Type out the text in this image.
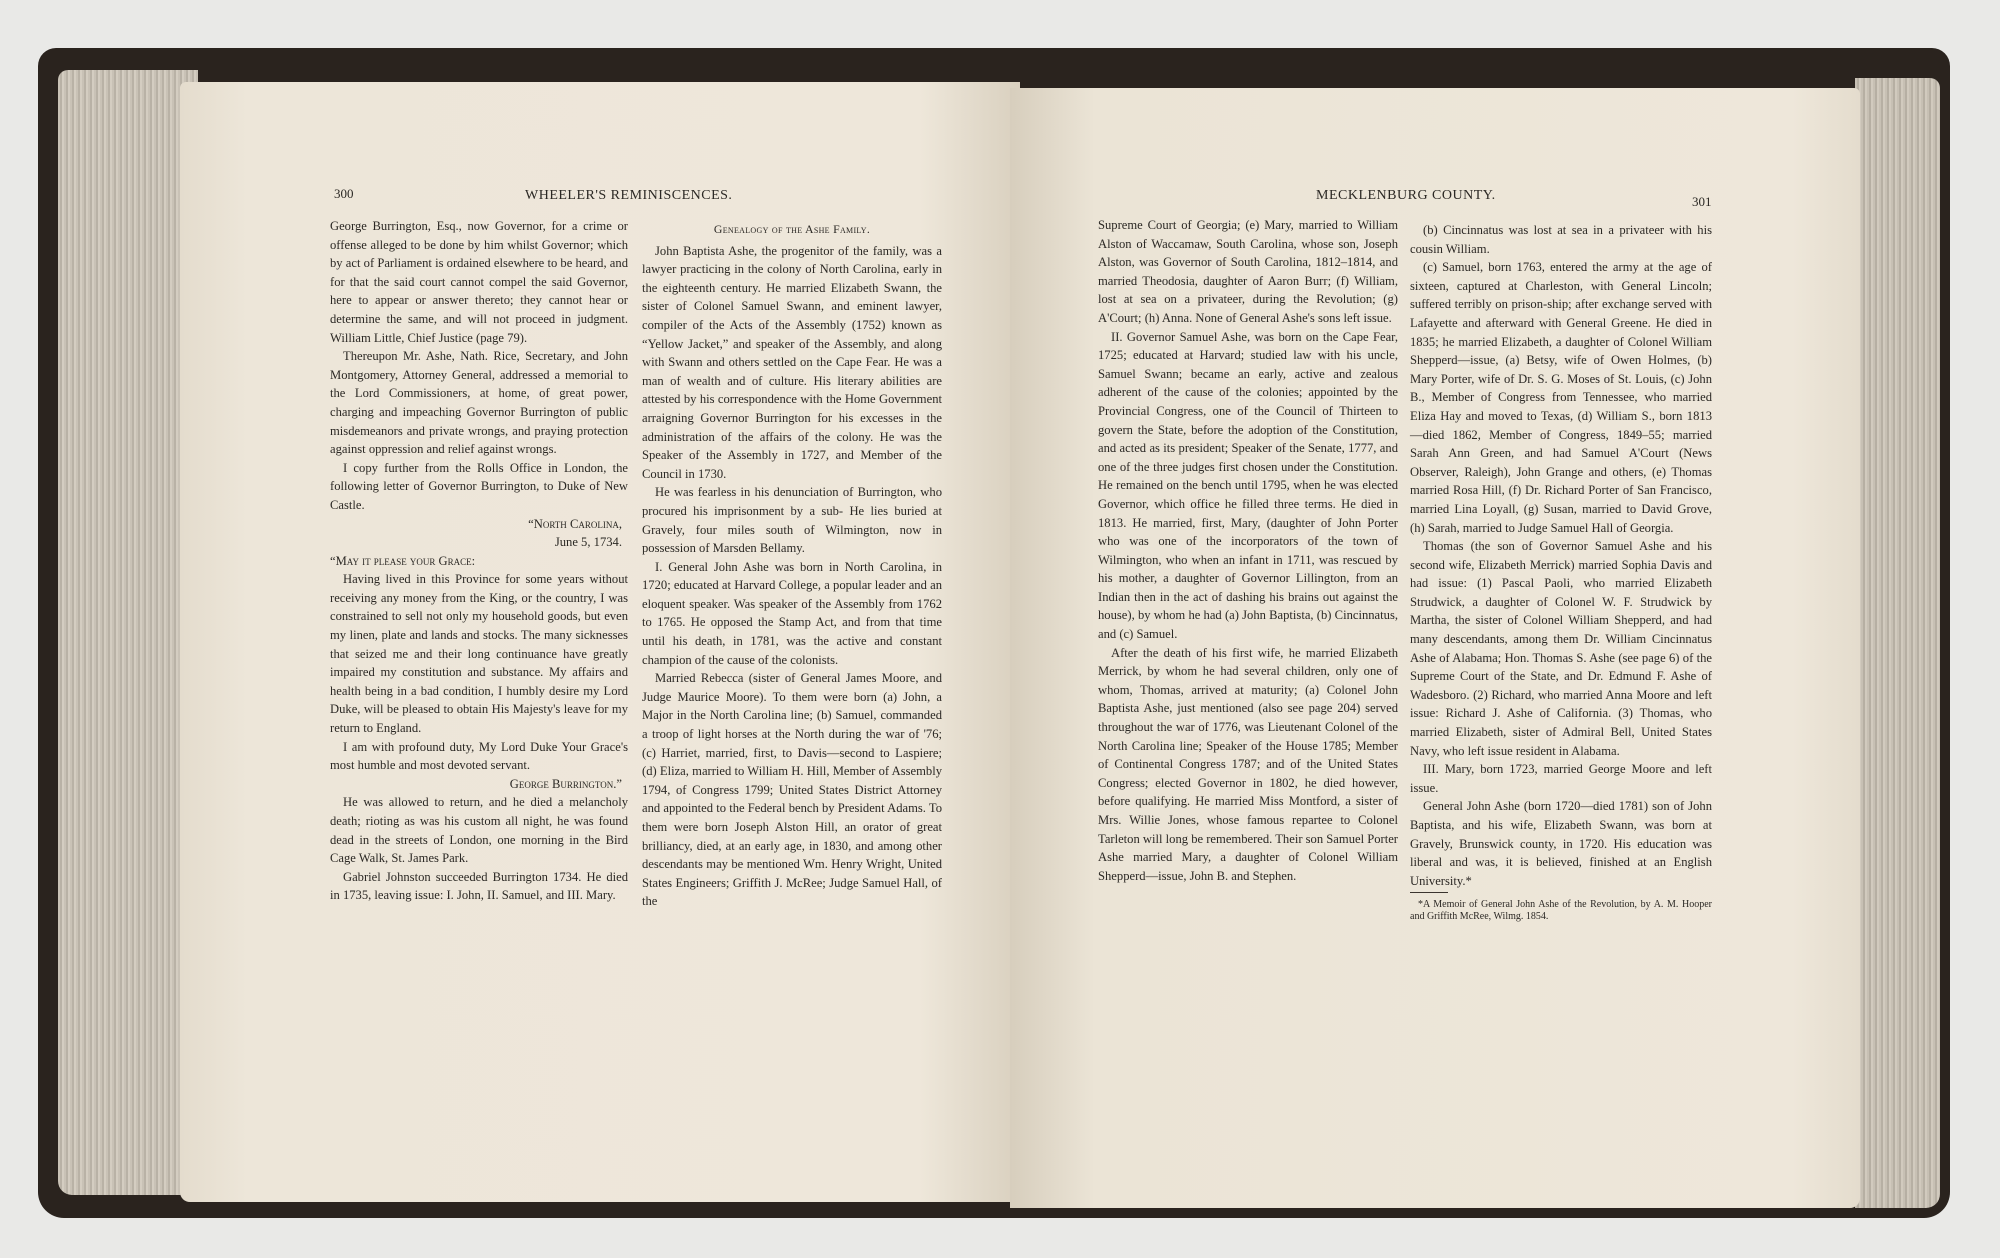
300	WHEELER'S REMINISCENCES.

George Burrington, Esq., now Governor, for a crime or offense alleged to be done by him whilst Governor; which by act of Parliament is ordained elsewhere to be heard, and for that the said court cannot compel the said Governor, here to appear or answer thereto; they cannot hear or determine the same, and will not proceed in judgment. William Little, Chief Justice (page 79).

Thereupon Mr. Ashe, Nath. Rice, Secretary, and John Montgomery, Attorney General, addressed a memorial to the Lord Commissioners, at home, of great power, charging and impeaching Governor Burrington of public misdemeanors and private wrongs, and praying protection against oppression and relief against wrongs.

I copy further from the Rolls Office in London, the following letter of Governor Burrington, to Duke of New Castle.

“North Carolina,

June 5, 1734.

“May it please your Grace:

Having lived in this Province for some years without receiving any money from the King, or the country, I was constrained to sell not only my household goods, but even my linen, plate and lands and stocks. The many sicknesses that seized me and their long continuance have greatly impaired my constitution and substance. My affairs and health being in a bad condition, I humbly desire my Lord Duke, will be pleased to obtain His Majesty's leave for my return to England.

I am with profound duty, My Lord Duke Your Grace's most humble and most devoted servant.

George Burrington.”

He was allowed to return, and he died a melancholy death; rioting as was his custom all night, he was found dead in the streets of London, one morning in the Bird Cage Walk, St. James Park.

Gabriel Johnston succeeded Burrington 1734. He died in 1735, leaving issue: I. John, II. Samuel, and III. Mary.

Genealogy of the Ashe Family.

John Baptista Ashe, the progenitor of the family, was a lawyer practicing in the colony of North Carolina, early in the eighteenth century. He married Elizabeth Swann, the sister of Colonel Samuel Swann, and eminent lawyer, compiler of the Acts of the Assembly (1752) known as “Yellow Jacket,” and speaker of the Assembly, and along with Swann and others settled on the Cape Fear. He was a man of wealth and of culture. His literary abilities are attested by his correspondence with the Home Government arraigning Governor Burrington for his excesses in the administration of the affairs of the colony. He was the Speaker of the Assembly in 1727, and Member of the Council in 1730.

He was fearless in his denunciation of Burrington, who procured his imprisonment by a sub- He lies buried at Gravely, four miles south of Wilmington, now in possession of Marsden Bellamy.

I. General John Ashe was born in North Carolina, in 1720; educated at Harvard College, a popular leader and an eloquent speaker. Was speaker of the Assembly from 1762 to 1765. He opposed the Stamp Act, and from that time until his death, in 1781, was the active and constant champion of the cause of the colonists.

Married Rebecca (sister of General James Moore, and Judge Maurice Moore). To them were born (a) John, a Major in the North Carolina line; (b) Samuel, commanded a troop of light horses at the North during the war of '76; (c) Harriet, married, first, to Davis—second to Laspiere; (d) Eliza, married to William H. Hill, Member of Assembly 1794, of Congress 1799; United States District Attorney and appointed to the Federal bench by President Adams. To them were born Joseph Alston Hill, an orator of great brilliancy, died, at an early age, in 1830, and among other descendants may be mentioned Wm. Henry Wright, United States Engineers; Griffith J. McRee; Judge Samuel Hall, of the

MECKLENBURG COUNTY.	301

Supreme Court of Georgia; (e) Mary, married to William Alston of Waccamaw, South Carolina, whose son, Joseph Alston, was Governor of South Carolina, 1812–1814, and married Theodosia, daughter of Aaron Burr; (f) William, lost at sea on a privateer, during the Revolution; (g) A'Court; (h) Anna. None of General Ashe's sons left issue.

II. Governor Samuel Ashe, was born on the Cape Fear, 1725; educated at Harvard; studied law with his uncle, Samuel Swann; became an early, active and zealous adherent of the cause of the colonies; appointed by the Provincial Congress, one of the Council of Thirteen to govern the State, before the adoption of the Constitution, and acted as its president; Speaker of the Senate, 1777, and one of the three judges first chosen under the Constitution. He remained on the bench until 1795, when he was elected Governor, which office he filled three terms. He died in 1813. He married, first, Mary, (daughter of John Porter who was one of the incorporators of the town of Wilmington, who when an infant in 1711, was rescued by his mother, a daughter of Governor Lillington, from an Indian then in the act of dashing his brains out against the house), by whom he had (a) John Baptista, (b) Cincinnatus, and (c) Samuel.

After the death of his first wife, he married Elizabeth Merrick, by whom he had several children, only one of whom, Thomas, arrived at maturity; (a) Colonel John Baptista Ashe, just mentioned (also see page 204) served throughout the war of 1776, was Lieutenant Colonel of the North Carolina line; Speaker of the House 1785; Member of Continental Congress 1787; and of the United States Congress; elected Governor in 1802, he died however, before qualifying. He married Miss Montford, a sister of Mrs. Willie Jones, whose famous repartee to Colonel Tarleton will long be remembered. Their son Samuel Porter Ashe married Mary, a daughter of Colonel William Shepperd—issue, John B. and Stephen.

(b) Cincinnatus was lost at sea in a privateer with his cousin William.

(c) Samuel, born 1763, entered the army at the age of sixteen, captured at Charleston, with General Lincoln; suffered terribly on prison-ship; after exchange served with Lafayette and afterward with General Greene. He died in 1835; he married Elizabeth, a daughter of Colonel William Shepperd—issue, (a) Betsy, wife of Owen Holmes, (b) Mary Porter, wife of Dr. S. G. Moses of St. Louis, (c) John B., Member of Congress from Tennessee, who married Eliza Hay and moved to Texas, (d) William S., born 1813—died 1862, Member of Congress, 1849–55; married Sarah Ann Green, and had Samuel A'Court (News Observer, Raleigh), John Grange and others, (e) Thomas married Rosa Hill, (f) Dr. Richard Porter of San Francisco, married Lina Loyall, (g) Susan, married to David Grove, (h) Sarah, married to Judge Samuel Hall of Georgia.

Thomas (the son of Governor Samuel Ashe and his second wife, Elizabeth Merrick) married Sophia Davis and had issue: (1) Pascal Paoli, who married Elizabeth Strudwick, a daughter of Colonel W. F. Strudwick by Martha, the sister of Colonel William Shepperd, and had many descendants, among them Dr. William Cincinnatus Ashe of Alabama; Hon. Thomas S. Ashe (see page 6) of the Supreme Court of the State, and Dr. Edmund F. Ashe of Wadesboro. (2) Richard, who married Anna Moore and left issue: Richard J. Ashe of California. (3) Thomas, who married Elizabeth, sister of Admiral Bell, United States Navy, who left issue resident in Alabama.

III. Mary, born 1723, married George Moore and left issue.

General John Ashe (born 1720—died 1781) son of John Baptista, and his wife, Elizabeth Swann, was born at Gravely, Brunswick county, in 1720. His education was liberal and was, it is believed, finished at an English University.*

*A Memoir of General John Ashe of the Revolution, by A. M. Hooper and Griffith McRee, Wilmg. 1854.
